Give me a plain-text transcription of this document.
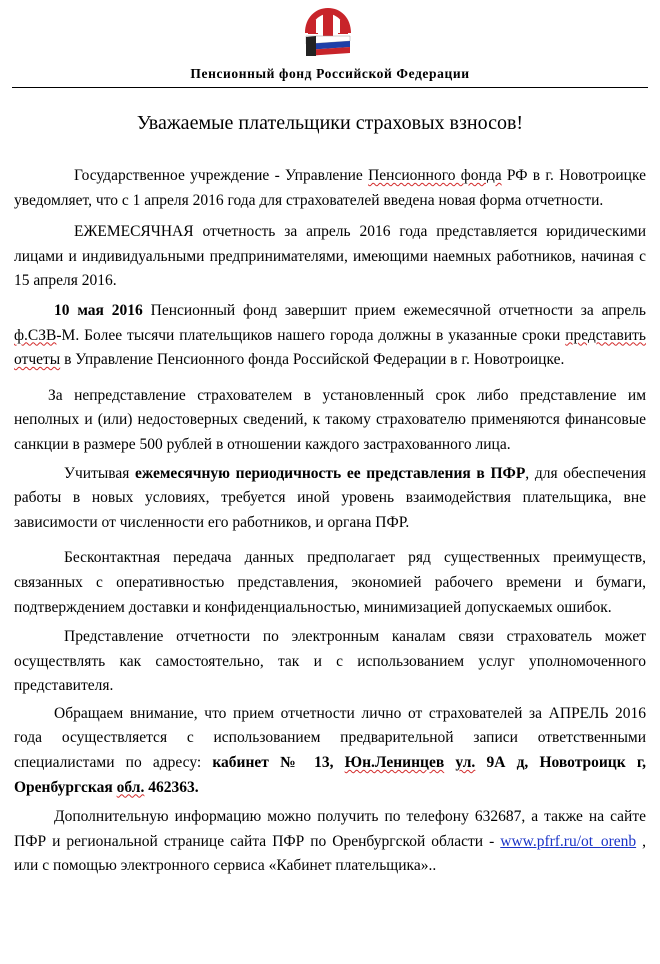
Пенсионный фонд Российской Федерации
Уважаемые плательщики страховых взносов!

Государственное учреждение - Управление Пенсионного фонда РФ в г. Новотроицке уведомляет, что с 1 апреля 2016 года для страхователей введена новая форма отчетности.

ЕЖЕМЕСЯЧНАЯ отчетность за апрель 2016 года представляется юридическими лицами и индивидуальными предпринимателями, имеющими наемных работников, начиная с 15 апреля 2016.

10 мая 2016 Пенсионный фонд завершит прием ежемесячной отчетности за апрель ф.СЗВ-М. Более тысячи плательщиков нашего города должны в указанные сроки представить отчеты в Управление Пенсионного фонда Российской Федерации в г. Новотроицке.

За непредставление страхователем в установленный срок либо представление им неполных и (или) недостоверных сведений, к такому страхователю применяются финансовые санкции в размере 500 рублей в отношении каждого застрахованного лица.

Учитывая ежемесячную периодичность ее представления в ПФР, для обеспечения работы в новых условиях, требуется иной уровень взаимодействия плательщика, вне зависимости от численности его работников, и органа ПФР.

Бесконтактная передача данных предполагает ряд существенных преимуществ, связанных с оперативностью представления, экономией рабочего времени и бумаги, подтверждением доставки и конфиденциальностью, минимизацией допускаемых ошибок.

Представление отчетности по электронным каналам связи страхователь может осуществлять как самостоятельно, так и с использованием услуг уполномоченного представителя.

Обращаем внимание, что прием отчетности лично от страхователей за АПРЕЛЬ 2016 года осуществляется с использованием предварительной записи ответственными специалистами по адресу: кабинет № 13, Юн.Ленинцев ул. 9А д, Новотроицк г, Оренбургская обл. 462363.

Дополнительную информацию можно получить по телефону 632687, а также на сайте ПФР и региональной странице сайта ПФР по Оренбургской области - www.pfrf.ru/ot_orenb , или с помощью электронного сервиса «Кабинет плательщика»..
